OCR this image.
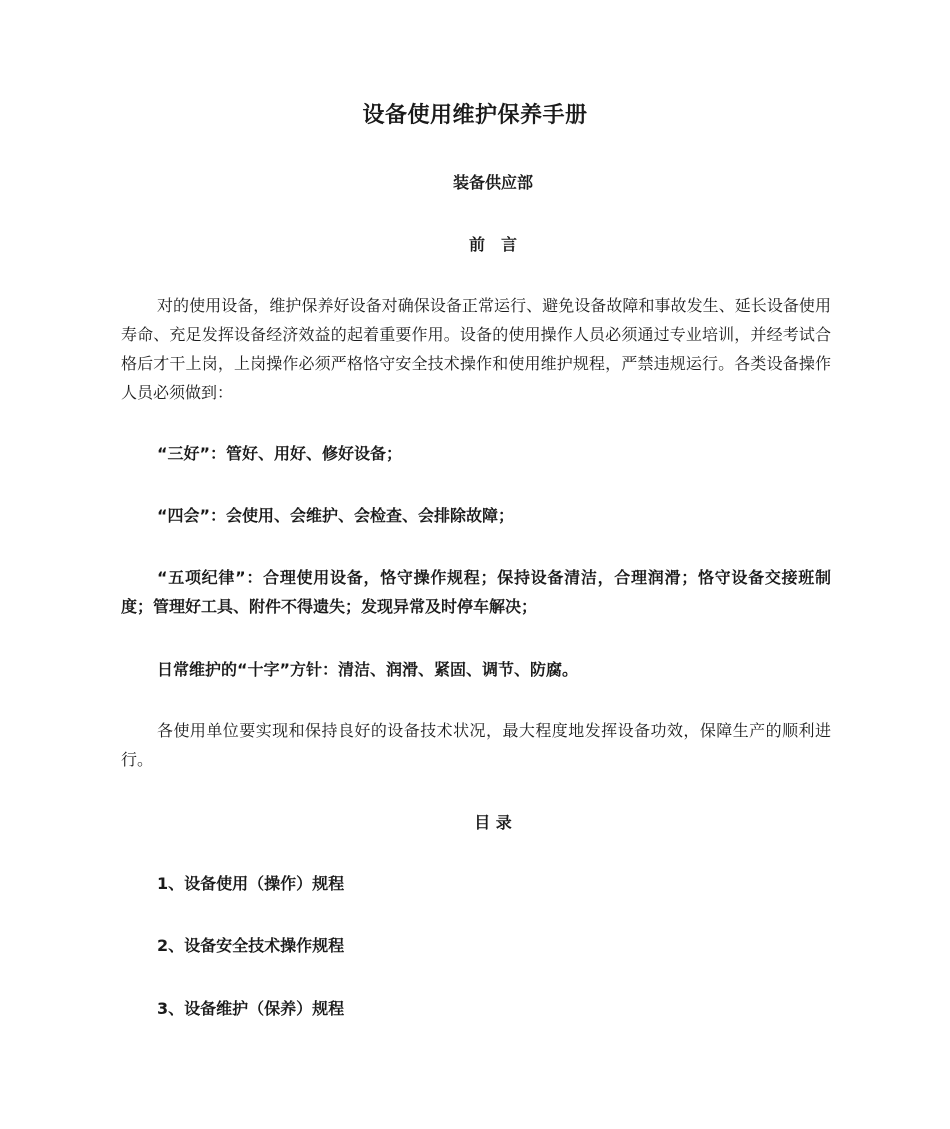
设备使用维护保养手册
装备供应部
前　言

对的使用设备，维护保养好设备对确保设备正常运行、避免设备故障和事故发生、延长设备使用寿命、充足发挥设备经济效益的起着重要作用。设备的使用操作人员必须通过专业培训，并经考试合格后才干上岗，上岗操作必须严格恪守安全技术操作和使用维护规程，严禁违规运行。各类设备操作人员必须做到：

“三好”：管好、用好、修好设备；

“四会”：会使用、会维护、会检查、会排除故障；

“五项纪律”：合理使用设备，恪守操作规程；保持设备清洁，合理润滑；恪守设备交接班制度；管理好工具、附件不得遗失；发现异常及时停车解决；

日常维护的“十字”方针：清洁、润滑、紧固、调节、防腐。

各使用单位要实现和保持良好的设备技术状况，最大程度地发挥设备功效，保障生产的顺利进行。

目 录

1、设备使用（操作）规程

2、设备安全技术操作规程

3、设备维护（保养）规程
